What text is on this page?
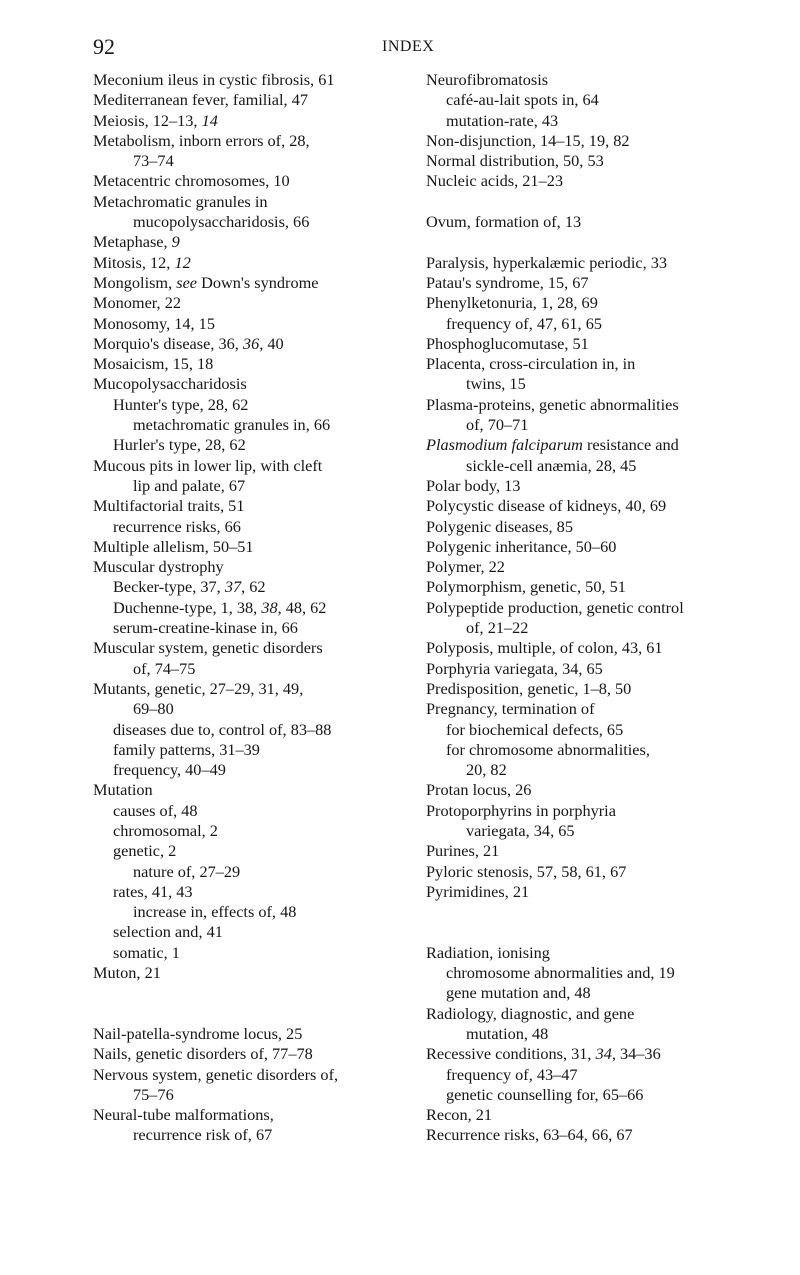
92	INDEX
Meconium ileus in cystic fibrosis, 61
Mediterranean fever, familial, 47
Meiosis, 12–13, 14
Metabolism, inborn errors of, 28,
73–74
Metacentric chromosomes, 10
Metachromatic granules in
mucopolysaccharidosis, 66
Metaphase, 9
Mitosis, 12, 12
Mongolism, see Down's syndrome
Monomer, 22
Monosomy, 14, 15
Morquio's disease, 36, 36, 40
Mosaicism, 15, 18
Mucopolysaccharidosis
Hunter's type, 28, 62
metachromatic granules in, 66
Hurler's type, 28, 62
Mucous pits in lower lip, with cleft
lip and palate, 67
Multifactorial traits, 51
recurrence risks, 66
Multiple allelism, 50–51
Muscular dystrophy
Becker-type, 37, 37, 62
Duchenne-type, 1, 38, 38, 48, 62
serum-creatine-kinase in, 66
Muscular system, genetic disorders
of, 74–75
Mutants, genetic, 27–29, 31, 49,
69–80
diseases due to, control of, 83–88
family patterns, 31–39
frequency, 40–49
Mutation
causes of, 48
chromosomal, 2
genetic, 2
nature of, 27–29
rates, 41, 43
increase in, effects of, 48
selection and, 41
somatic, 1
Muton, 21
Nail-patella-syndrome locus, 25
Nails, genetic disorders of, 77–78
Nervous system, genetic disorders of,
75–76
Neural-tube malformations,
recurrence risk of, 67
Neurofibromatosis
café-au-lait spots in, 64
mutation-rate, 43
Non-disjunction, 14–15, 19, 82
Normal distribution, 50, 53
Nucleic acids, 21–23
Ovum, formation of, 13
Paralysis, hyperkalæmic periodic, 33
Patau's syndrome, 15, 67
Phenylketonuria, 1, 28, 69
frequency of, 47, 61, 65
Phosphoglucomutase, 51
Placenta, cross-circulation in, in
twins, 15
Plasma-proteins, genetic abnormalities
of, 70–71
Plasmodium falciparum resistance and
sickle-cell anæmia, 28, 45
Polar body, 13
Polycystic disease of kidneys, 40, 69
Polygenic diseases, 85
Polygenic inheritance, 50–60
Polymer, 22
Polymorphism, genetic, 50, 51
Polypeptide production, genetic control
of, 21–22
Polyposis, multiple, of colon, 43, 61
Porphyria variegata, 34, 65
Predisposition, genetic, 1–8, 50
Pregnancy, termination of
for biochemical defects, 65
for chromosome abnormalities,
20, 82
Protan locus, 26
Protoporphyrins in porphyria
variegata, 34, 65
Purines, 21
Pyloric stenosis, 57, 58, 61, 67
Pyrimidines, 21
Radiation, ionising
chromosome abnormalities and, 19
gene mutation and, 48
Radiology, diagnostic, and gene
mutation, 48
Recessive conditions, 31, 34, 34–36
frequency of, 43–47
genetic counselling for, 65–66
Recon, 21
Recurrence risks, 63–64, 66, 67
